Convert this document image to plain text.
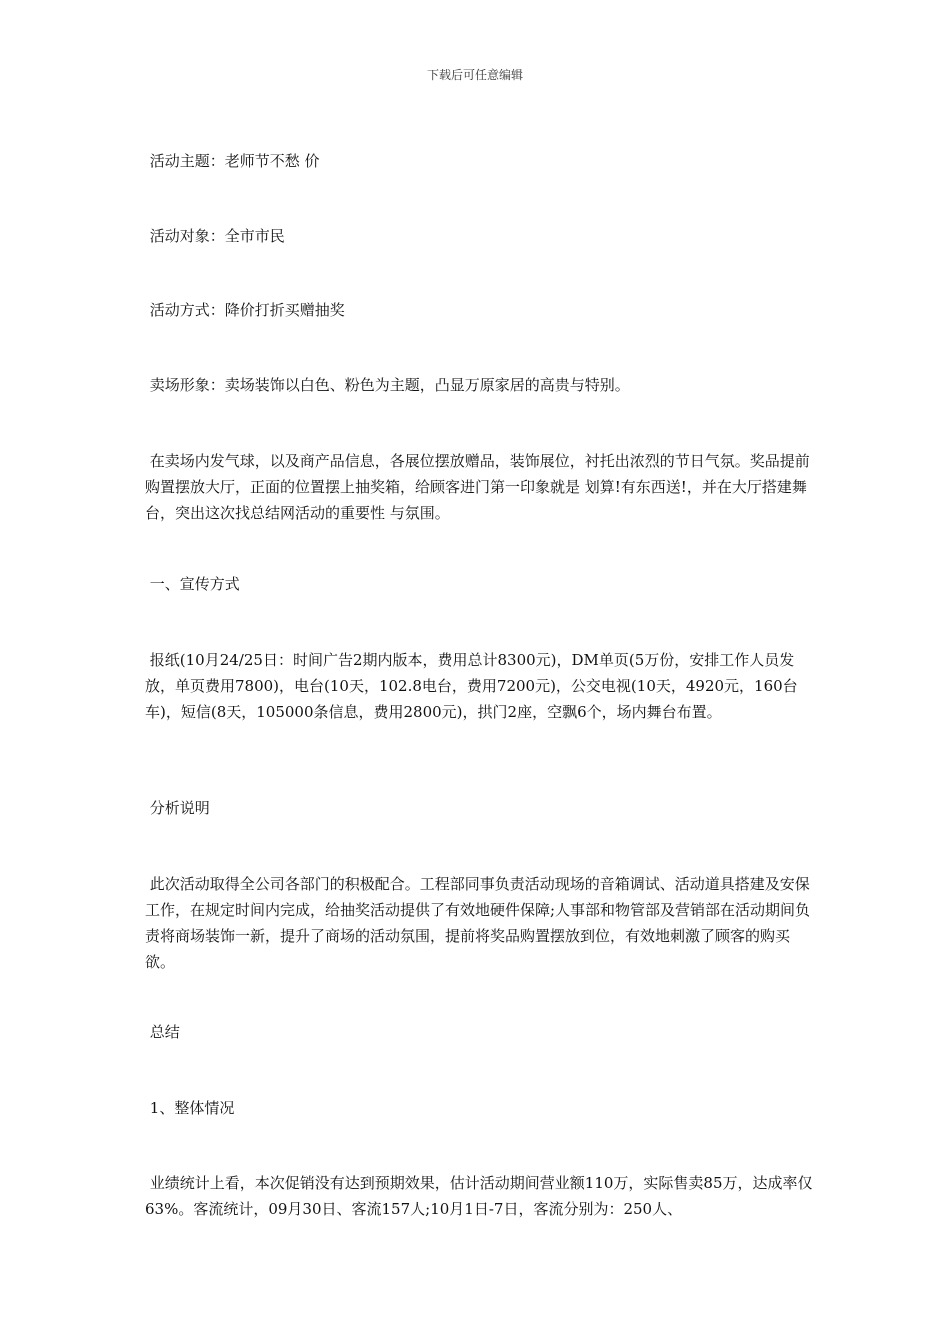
下载后可任意编辑
活动主题：老师节不愁 价
活动对象：全市市民
活动方式：降价打折买赠抽奖
卖场形象：卖场装饰以白色、粉色为主题，凸显万原家居的高贵与特别。
在卖场内发气球，以及商产品信息，各展位摆放赠品，装饰展位，衬托出浓烈的节日气氛。奖品提前购置摆放大厅，正面的位置摆上抽奖箱，给顾客进门第一印象就是 划算!有东西送!，并在大厅搭建舞台，突出这次找总结网活动的重要性 与氛围。
一、宣传方式
报纸(10月24/25日：时间广告2期内版本，费用总计8300元)，DM单页(5万份，安排工作人员发放，单页费用7800)，电台(10天，102.8电台，费用7200元)，公交电视(10天，4920元，160台车)，短信(8天，105000条信息，费用2800元)，拱门2座，空飘6个，场内舞台布置。
分析说明
此次活动取得全公司各部门的积极配合。工程部同事负责活动现场的音箱调试、活动道具搭建及安保工作，在规定时间内完成，给抽奖活动提供了有效地硬件保障;人事部和物管部及营销部在活动期间负责将商场装饰一新，提升了商场的活动氛围，提前将奖品购置摆放到位，有效地刺激了顾客的购买欲。
总结
1、整体情况
业绩统计上看，本次促销没有达到预期效果，估计活动期间营业额110万，实际售卖85万，达成率仅63%。客流统计，09月30日、客流157人;10月1日-7日，客流分别为：250人、
